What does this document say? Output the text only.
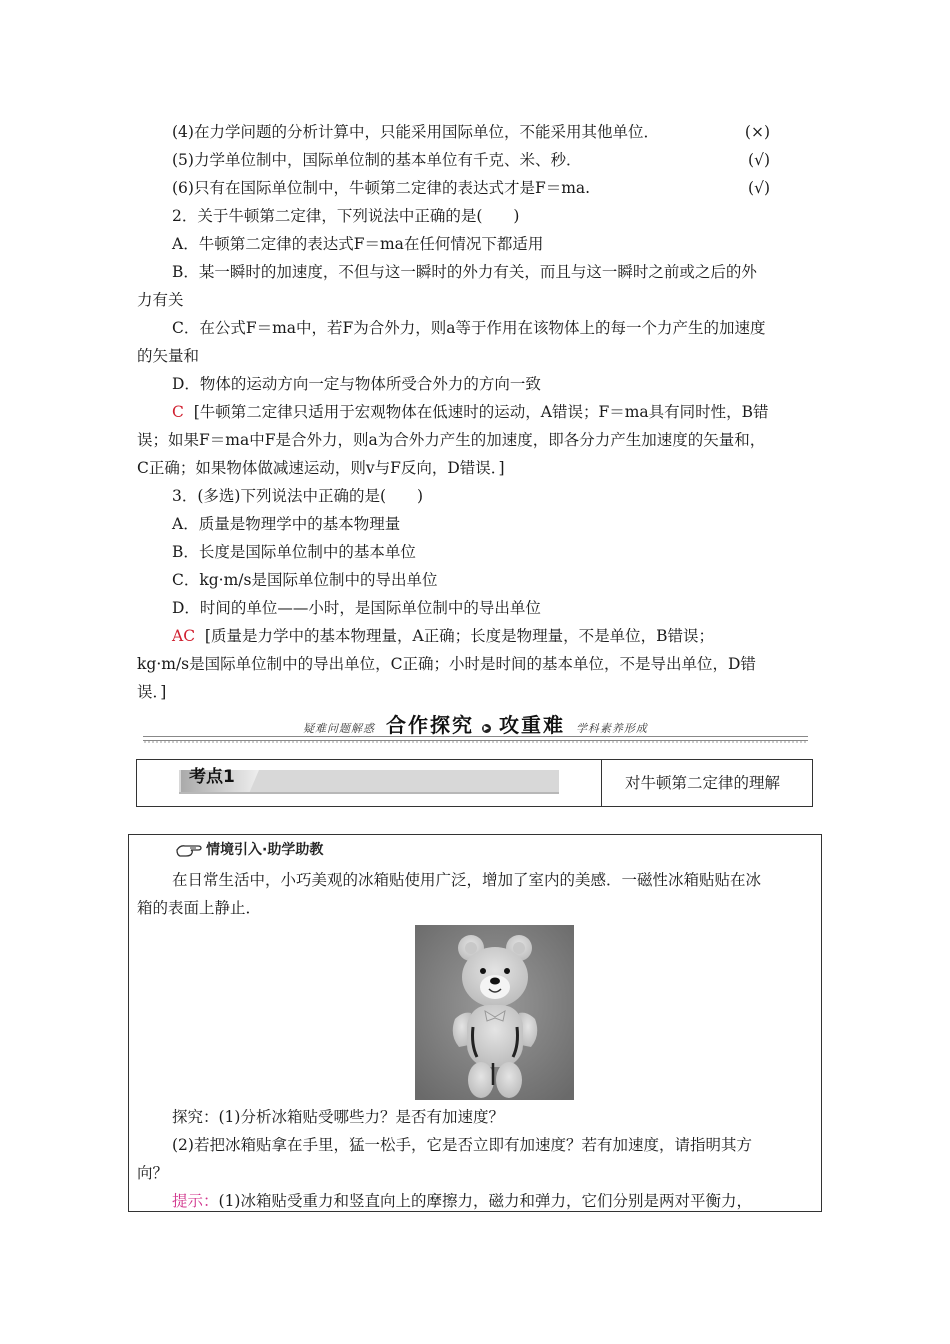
(4)在力学问题的分析计算中，只能采用国际单位，不能采用其他单位．	(×)
(5)力学单位制中，国际单位制的基本单位有千克、米、秒．	(√)
(6)只有在国际单位制中，牛顿第二定律的表达式才是F＝ma.	(√)
2．关于牛顿第二定律，下列说法中正确的是(　　)
A．牛顿第二定律的表达式F＝ma在任何情况下都适用
B．某一瞬时的加速度，不但与这一瞬时的外力有关，而且与这一瞬时之前或之后的外
力有关
C．在公式F＝ma中，若F为合外力，则a等于作用在该物体上的每一个力产生的加速度
的矢量和
D．物体的运动方向一定与物体所受合外力的方向一致
C [牛顿第二定律只适用于宏观物体在低速时的运动，A错误；F＝ma具有同时性，B错
误；如果F＝ma中F是合外力，则a为合外力产生的加速度，即各分力产生加速度的矢量和，
C正确；如果物体做减速运动，则v与F反向，D错误．]
3．(多选)下列说法中正确的是(　　)
A．质量是物理学中的基本物理量
B．长度是国际单位制中的基本单位
C．kg·m/s是国际单位制中的导出单位
D．时间的单位——小时，是国际单位制中的导出单位
AC [质量是力学中的基本物理量，A正确；长度是物理量，不是单位，B错误；
kg·m/s是国际单位制中的导出单位，C正确；小时是时间的基本单位，不是导出单位，D错
误．]
疑难问题解惑 合作探究 ▶ 攻重难 学科素养形成
考点1	对牛顿第二定律的理解
情境引入·助学助教
在日常生活中，小巧美观的冰箱贴使用广泛，增加了室内的美感．一磁性冰箱贴贴在冰
箱的表面上静止．
探究：(1)分析冰箱贴受哪些力？是否有加速度？
(2)若把冰箱贴拿在手里，猛一松手，它是否立即有加速度？若有加速度，请指明其方
向？
提示：(1)冰箱贴受重力和竖直向上的摩擦力，磁力和弹力，它们分别是两对平衡力，
